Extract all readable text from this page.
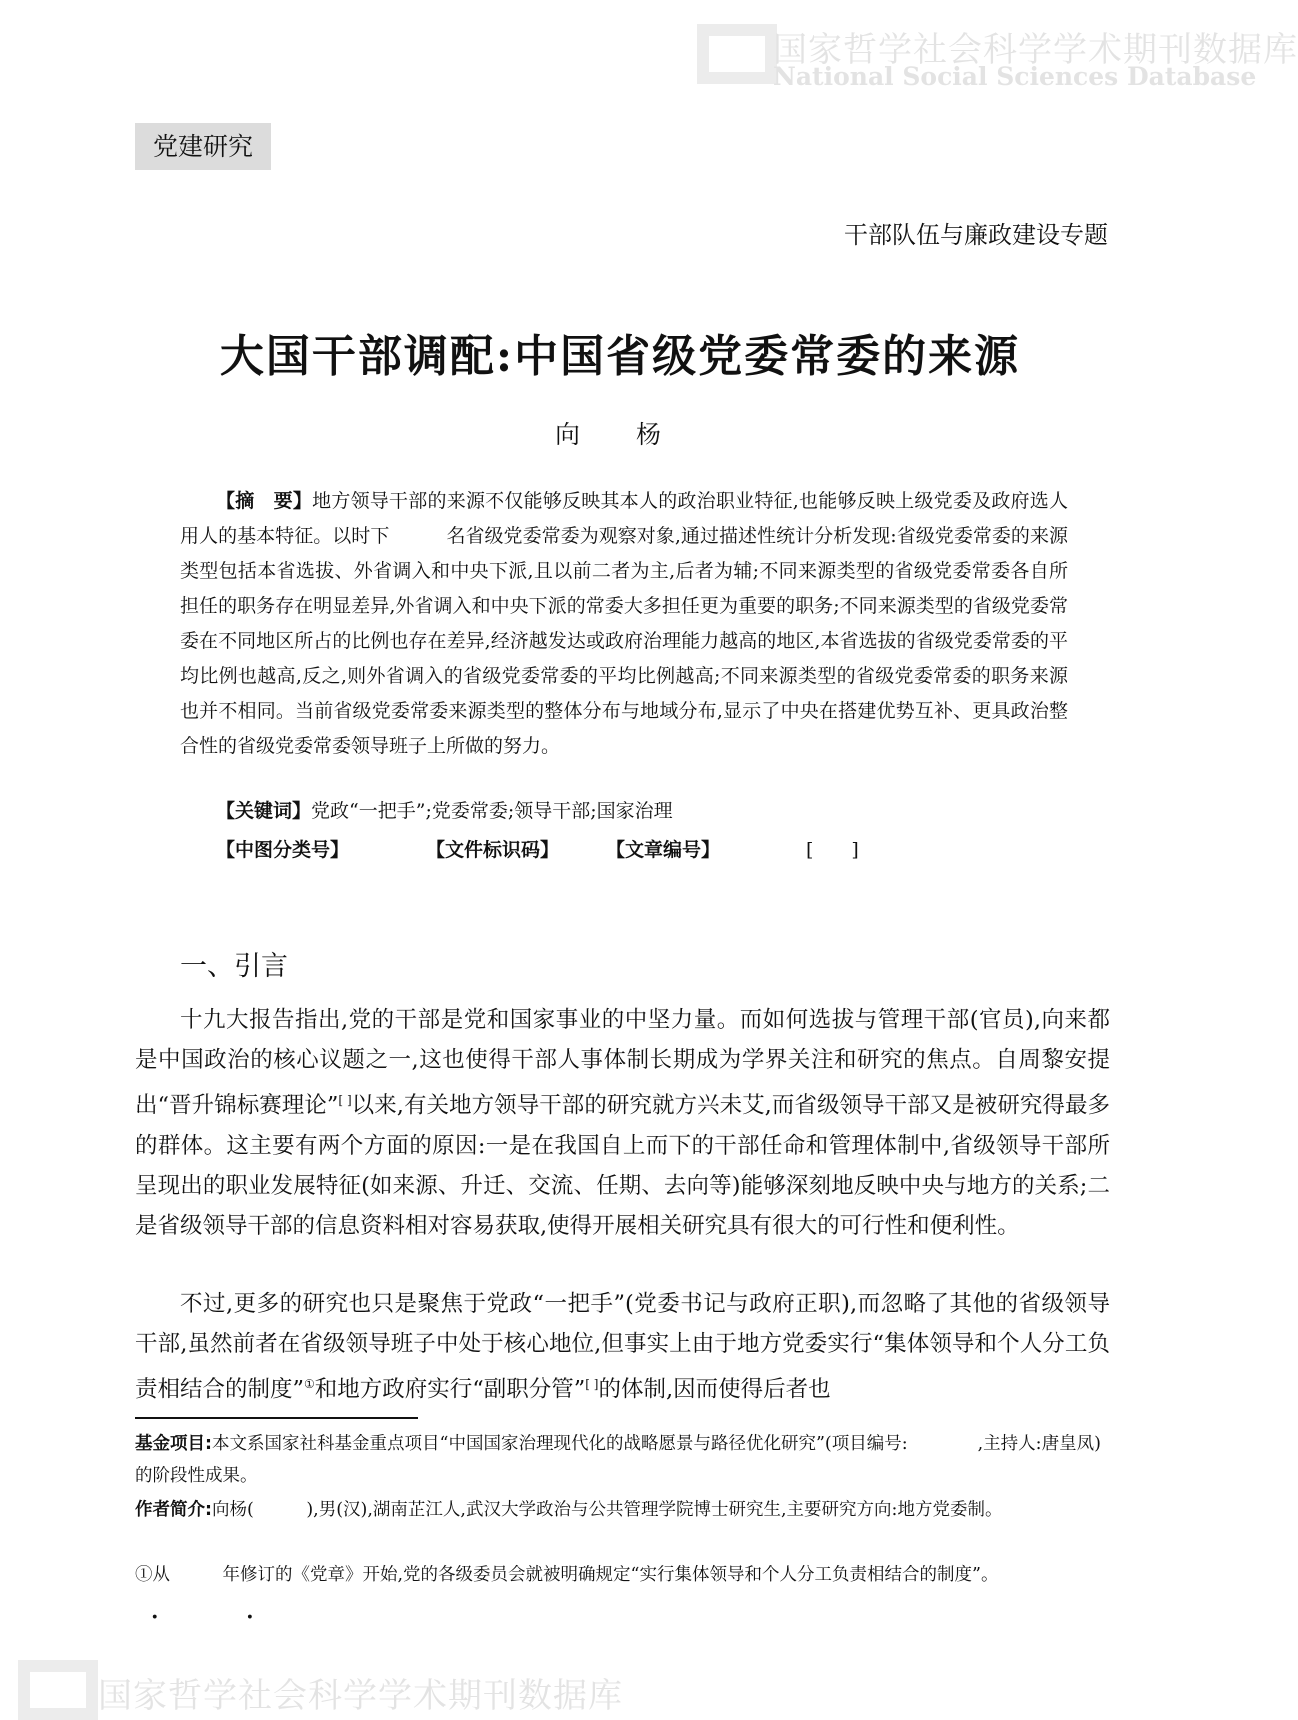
国家哲学社会科学学术期刊数据库
National Social Sciences Database
国家哲学社会科学学术期刊数据库
党建研究
干部队伍与廉政建设专题
大国干部调配:中国省级党委常委的来源
向 杨
【摘　要】地方领导干部的来源不仅能够反映其本人的政治职业特征,也能够反映上级党委及政府选人用人的基本特征。以时下　　　名省级党委常委为观察对象,通过描述性统计分析发现:省级党委常委的来源类型包括本省选拔、外省调入和中央下派,且以前二者为主,后者为辅;不同来源类型的省级党委常委各自所担任的职务存在明显差异,外省调入和中央下派的常委大多担任更为重要的职务;不同来源类型的省级党委常委在不同地区所占的比例也存在差异,经济越发达或政府治理能力越高的地区,本省选拔的省级党委常委的平均比例也越高,反之,则外省调入的省级党委常委的平均比例越高;不同来源类型的省级党委常委的职务来源也并不相同。当前省级党委常委来源类型的整体分布与地域分布,显示了中央在搭建优势互补、更具政治整合性的省级党委常委领导班子上所做的努力。
【关键词】党政“一把手”;党委常委;领导干部;国家治理
【中图分类号】	【文件标识码】 【文章编号】	[　　]
一、引言

十九大报告指出,党的干部是党和国家事业的中坚力量。而如何选拔与管理干部(官员),向来都是中国政治的核心议题之一,这也使得干部人事体制长期成为学界关注和研究的焦点。自周黎安提出“晋升锦标赛理论”[ ]以来,有关地方领导干部的研究就方兴未艾,而省级领导干部又是被研究得最多的群体。这主要有两个方面的原因:一是在我国自上而下的干部任命和管理体制中,省级领导干部所呈现出的职业发展特征(如来源、升迁、交流、任期、去向等)能够深刻地反映中央与地方的关系;二是省级领导干部的信息资料相对容易获取,使得开展相关研究具有很大的可行性和便利性。

不过,更多的研究也只是聚焦于党政“一把手”(党委书记与政府正职),而忽略了其他的省级领导干部,虽然前者在省级领导班子中处于核心地位,但事实上由于地方党委实行“集体领导和个人分工负责相结合的制度”①和地方政府实行“副职分管”[ ]的体制,因而使得后者也

基金项目:本文系国家社科基金重点项目“中国国家治理现代化的战略愿景与路径优化研究”(项目编号:　　　　,主持人:唐皇凤)的阶段性成果。
作者简介:向杨(　　　),男(汉),湖南芷江人,武汉大学政治与公共管理学院博士研究生,主要研究方向:地方党委制。
①从　　　年修订的《党章》开始,党的各级委员会就被明确规定“实行集体领导和个人分工负责相结合的制度”。
· ·
